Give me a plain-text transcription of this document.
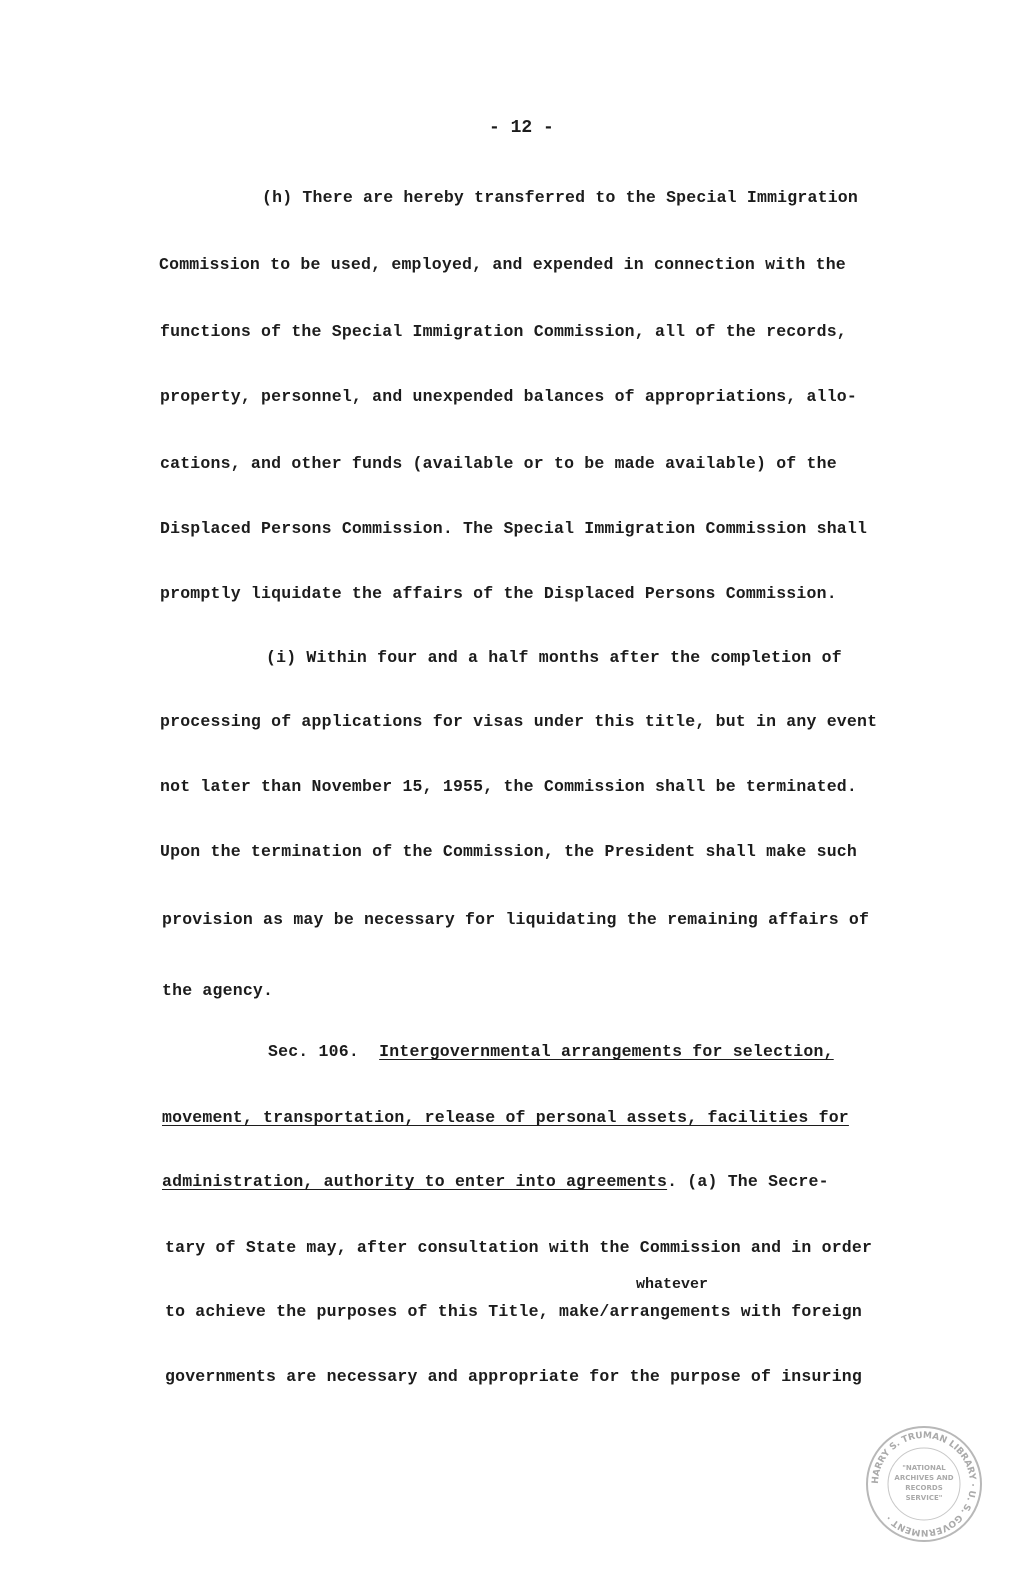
- 12 -
(h) There are hereby transferred to the Special Immigration
Commission to be used, employed, and expended in connection with the
functions of the Special Immigration Commission, all of the records,
property, personnel, and unexpended balances of appropriations, allo-
cations, and other funds (available or to be made available) of the
Displaced Persons Commission. The Special Immigration Commission shall
promptly liquidate the affairs of the Displaced Persons Commission.
(i) Within four and a half months after the completion of
processing of applications for visas under this title, but in any event
not later than November 15, 1955, the Commission shall be terminated.
Upon the termination of the Commission, the President shall make such
provision as may be necessary for liquidating the remaining affairs of
the agency.
Sec. 106. Intergovernmental arrangements for selection,
movement, transportation, release of personal assets, facilities for
administration, authority to enter into agreements. (a) The Secre-
tary of State may, after consultation with the Commission and in order
whatever
to achieve the purposes of this Title, make/arrangements with foreign
governments are necessary and appropriate for the purpose of insuring
HARRY S. TRUMAN LIBRARY · U. S. GOVERNMENT ·
"NATIONAL
ARCHIVES AND
RECORDS
SERVICE"
